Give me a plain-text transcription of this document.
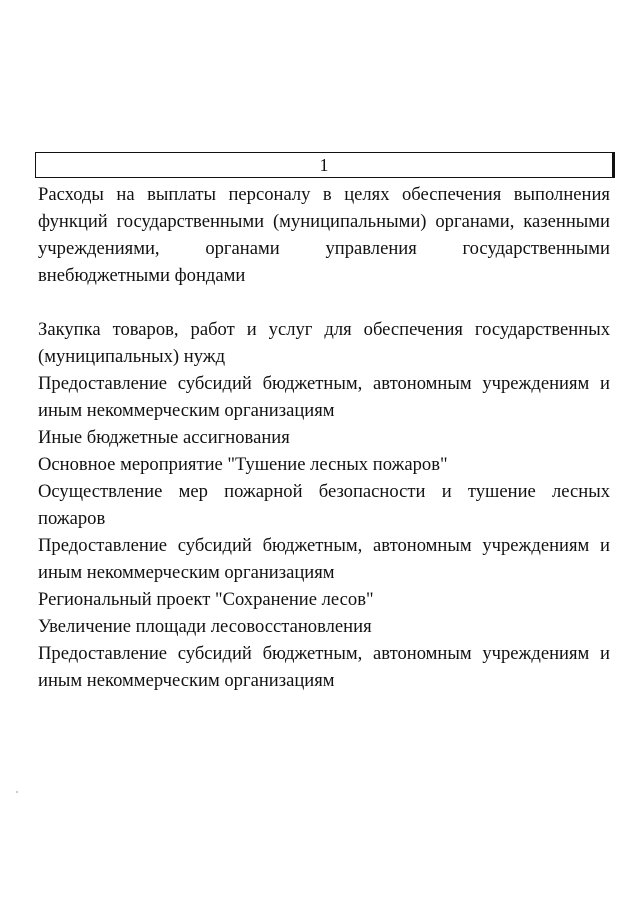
1
Расходы на выплаты персоналу в целях обеспечения выполнения функций государственными (муниципальными) органами, казенными учреждениями, органами управления государственными внебюджетными фондами
Закупка товаров, работ и услуг для обеспечения государственных (муниципальных) нужд
Предоставление субсидий бюджетным, автономным учреждениям и иным некоммерческим организациям
Иные бюджетные ассигнования
Основное мероприятие "Тушение лесных пожаров"
Осуществление мер пожарной безопасности и тушение лесных пожаров
Предоставление субсидий бюджетным, автономным учреждениям и иным некоммерческим организациям
Региональный проект "Сохранение лесов"
Увеличение площади лесовосстановления
Предоставление субсидий бюджетным, автономным учреждениям и иным некоммерческим организациям
